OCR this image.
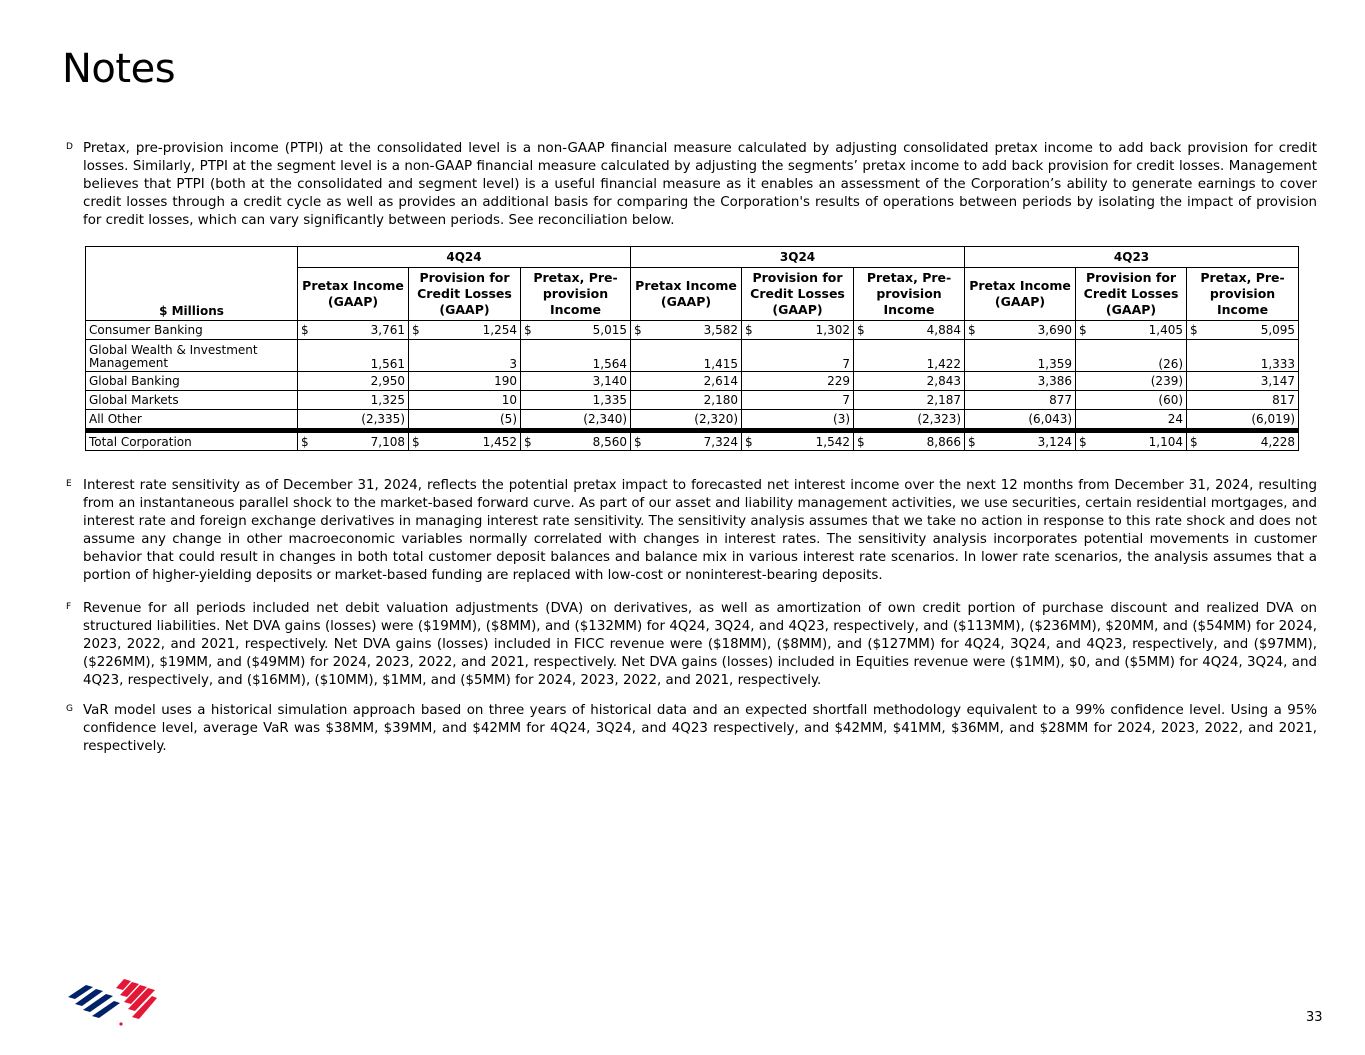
Notes
D Pretax, pre-provision income (PTPI) at the consolidated level is a non-GAAP financial measure calculated by adjusting consolidated pretax income to add back provision for credit losses. Similarly, PTPI at the segment level is a non-GAAP financial measure calculated by adjusting the segments’ pretax income to add back provision for credit losses. Management believes that PTPI (both at the consolidated and segment level) is a useful financial measure as it enables an assessment of the Corporation’s ability to generate earnings to cover credit losses through a credit cycle as well as provides an additional basis for comparing the Corporation's results of operations between periods by isolating the impact of provision for credit losses, which can vary significantly between periods. See reconciliation below.
$ Millions	4Q24			3Q24			4Q23		
	Pretax Income (GAAP)	Provision for Credit Losses (GAAP)	Pretax, Pre-provision Income	Pretax Income (GAAP)	Provision for Credit Losses (GAAP)	Pretax, Pre-provision Income	Pretax Income (GAAP)	Provision for Credit Losses (GAAP)	Pretax, Pre-provision Income
Consumer Banking	$ 3,761	$ 1,254	$ 5,015	$ 3,582	$ 1,302	$ 4,884	$ 3,690	$ 1,405	$ 5,095
Global Wealth & Investment Management	1,561	3	1,564	1,415	7	1,422	1,359	(26)	1,333
Global Banking	2,950	190	3,140	2,614	229	2,843	3,386	(239)	3,147
Global Markets	1,325	10	1,335	2,180	7	2,187	877	(60)	817
All Other	(2,335)	(5)	(2,340)	(2,320)	(3)	(2,323)	(6,043)	24	(6,019)
Total Corporation	$ 7,108	$ 1,452	$ 8,560	$ 7,324	$ 1,542	$ 8,866	$ 3,124	$ 1,104	$ 4,228
E Interest rate sensitivity as of December 31, 2024, reflects the potential pretax impact to forecasted net interest income over the next 12 months from December 31, 2024, resulting from an instantaneous parallel shock to the market-based forward curve. As part of our asset and liability management activities, we use securities, certain residential mortgages, and interest rate and foreign exchange derivatives in managing interest rate sensitivity. The sensitivity analysis assumes that we take no action in response to this rate shock and does not assume any change in other macroeconomic variables normally correlated with changes in interest rates. The sensitivity analysis incorporates potential movements in customer behavior that could result in changes in both total customer deposit balances and balance mix in various interest rate scenarios. In lower rate scenarios, the analysis assumes that a portion of higher-yielding deposits or market-based funding are replaced with low-cost or noninterest-bearing deposits.
F Revenue for all periods included net debit valuation adjustments (DVA) on derivatives, as well as amortization of own credit portion of purchase discount and realized DVA on structured liabilities. Net DVA gains (losses) were ($19MM), ($8MM), and ($132MM) for 4Q24, 3Q24, and 4Q23, respectively, and ($113MM), ($236MM), $20MM, and ($54MM) for 2024, 2023, 2022, and 2021, respectively. Net DVA gains (losses) included in FICC revenue were ($18MM), ($8MM), and ($127MM) for 4Q24, 3Q24, and 4Q23, respectively, and ($97MM), ($226MM), $19MM, and ($49MM) for 2024, 2023, 2022, and 2021, respectively. Net DVA gains (losses) included in Equities revenue were ($1MM), $0, and ($5MM) for 4Q24, 3Q24, and 4Q23, respectively, and ($16MM), ($10MM), $1MM, and ($5MM) for 2024, 2023, 2022, and 2021, respectively.
G VaR model uses a historical simulation approach based on three years of historical data and an expected shortfall methodology equivalent to a 99% confidence level. Using a 95% confidence level, average VaR was $38MM, $39MM, and $42MM for 4Q24, 3Q24, and 4Q23 respectively, and $42MM, $41MM, $36MM, and $28MM for 2024, 2023, 2022, and 2021, respectively.
33
